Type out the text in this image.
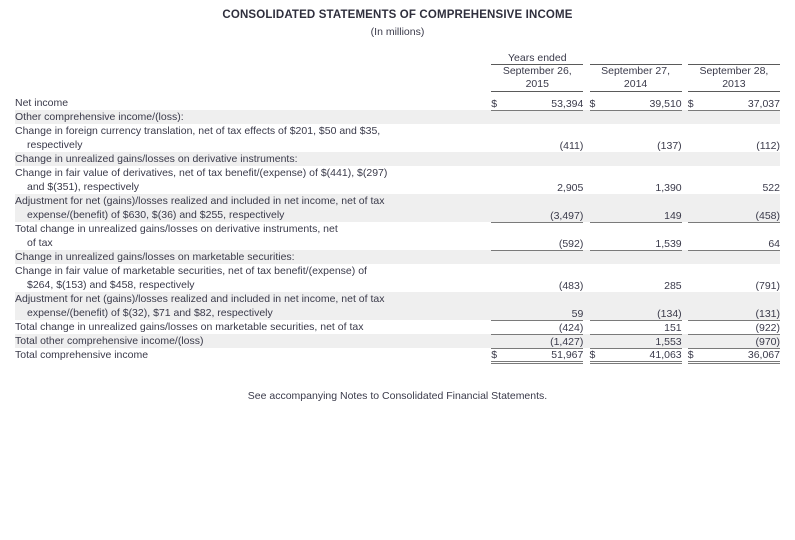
CONSOLIDATED STATEMENTS OF COMPREHENSIVE INCOME
(In millions)
	Years ended							
	September 26,
2015			September 27,
2014			September 28,
2013	

Net income	$	53,394		$	39,510		$	37,037
Other comprehensive income/(loss):								
Change in foreign currency translation, net of tax effects of $201, $50 and $35,
respectively		(411)			(137)			(112)
Change in unrealized gains/losses on derivative instruments:								
Change in fair value of derivatives, net of tax benefit/(expense) of $(441), $(297)
and $(351), respectively		2,905			1,390			522
Adjustment for net (gains)/losses realized and included in net income, net of tax
expense/(benefit) of $630, $(36) and $255, respectively		(3,497)			149			(458)
Total change in unrealized gains/losses on derivative instruments, net
of tax		(592)			1,539			64
Change in unrealized gains/losses on marketable securities:								
Change in fair value of marketable securities, net of tax benefit/(expense) of
$264, $(153) and $458, respectively		(483)			285			(791)
Adjustment for net (gains)/losses realized and included in net income, net of tax
expense/(benefit) of $(32), $71 and $82, respectively		59			(134)			(131)
Total change in unrealized gains/losses on marketable securities, net of tax		(424)			151			(922)
Total other comprehensive income/(loss)		(1,427)			1,553			(970)
Total comprehensive income	$	51,967		$	41,063		$	36,067
See accompanying Notes to Consolidated Financial Statements.
